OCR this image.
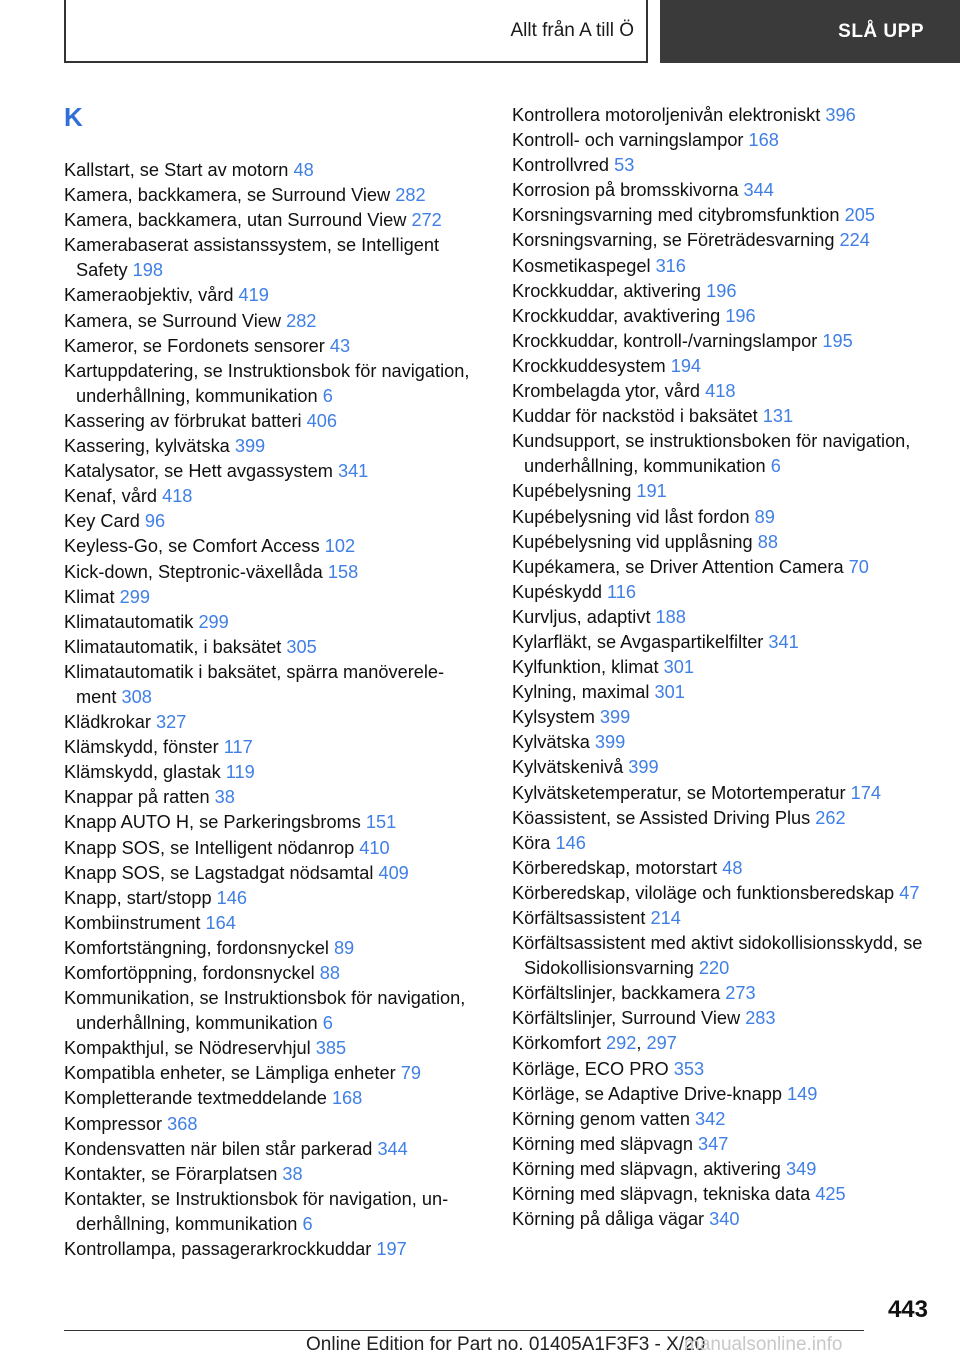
Allt från A till Ö	SLÅ UPP
K
Kallstart, se Start av motorn 48
Kamera, backkamera, se Surround View 282
Kamera, backkamera, utan Surround View 272
Kamerabaserat assistanssystem, se Intelligent Safety 198
Kameraobjektiv, vård 419
Kamera, se Surround View 282
Kameror, se Fordonets sensorer 43
Kartuppdatering, se Instruktionsbok för navigation, underhållning, kommunikation 6
Kassering av förbrukat batteri 406
Kassering, kylvätska 399
Katalysator, se Hett avgassystem 341
Kenaf, vård 418
Key Card 96
Keyless-Go, se Comfort Access 102
Kick-down, Steptronic-växellåda 158
Klimat 299
Klimatautomatik 299
Klimatautomatik, i baksätet 305
Klimatautomatik i baksätet, spärra manöverelement 308
Klädkrokar 327
Klämskydd, fönster 117
Klämskydd, glastak 119
Knappar på ratten 38
Knapp AUTO H, se Parkeringsbroms 151
Knapp SOS, se Intelligent nödanrop 410
Knapp SOS, se Lagstadgat nödsamtal 409
Knapp, start/stopp 146
Kombiinstrument 164
Komfortstängning, fordonsnyckel 89
Komfortöppning, fordonsnyckel 88
Kommunikation, se Instruktionsbok för navigation, underhållning, kommunikation 6
Kompakthjul, se Nödreservhjul 385
Kompatibla enheter, se Lämpliga enheter 79
Kompletterande textmeddelande 168
Kompressor 368
Kondensvatten när bilen står parkerad 344
Kontakter, se Förarplatsen 38
Kontakter, se Instruktionsbok för navigation, underhållning, kommunikation 6
Kontrollampa, passagerarkrockkuddar 197
Kontrollera motoroljenivån elektroniskt 396
Kontroll- och varningslampor 168
Kontrollvred 53
Korrosion på bromsskivorna 344
Korsningsvarning med citybromsfunktion 205
Korsningsvarning, se Företrädesvarning 224
Kosmetikaspegel 316
Krockkuddar, aktivering 196
Krockkuddar, avaktivering 196
Krockkuddar, kontroll-/varningslampor 195
Krockkuddesystem 194
Krombelagda ytor, vård 418
Kuddar för nackstöd i baksätet 131
Kundsupport, se instruktionsboken för navigation, underhållning, kommunikation 6
Kupébelysning 191
Kupébelysning vid låst fordon 89
Kupébelysning vid upplåsning 88
Kupékamera, se Driver Attention Camera 70
Kupéskydd 116
Kurvljus, adaptivt 188
Kylarfläkt, se Avgaspartikelfilter 341
Kylfunktion, klimat 301
Kylning, maximal 301
Kylsystem 399
Kylvätska 399
Kylvätskenivå 399
Kylvätsketemperatur, se Motortemperatur 174
Köassistent, se Assisted Driving Plus 262
Köra 146
Körberedskap, motorstart 48
Körberedskap, viloläge och funktionsberedskap 47
Körfältsassistent 214
Körfältsassistent med aktivt sidokollisionsskydd, se Sidokollisionsvarning 220
Körfältslinjer, backkamera 273
Körfältslinjer, Surround View 283
Körkomfort 292, 297
Körläge, ECO PRO 353
Körläge, se Adaptive Drive-knapp 149
Körning genom vatten 342
Körning med släpvagn 347
Körning med släpvagn, aktivering 349
Körning med släpvagn, tekniska data 425
Körning på dåliga vägar 340
443
Online Edition for Part no. 01405A1F3F3 - X/20
manualsonline.info
